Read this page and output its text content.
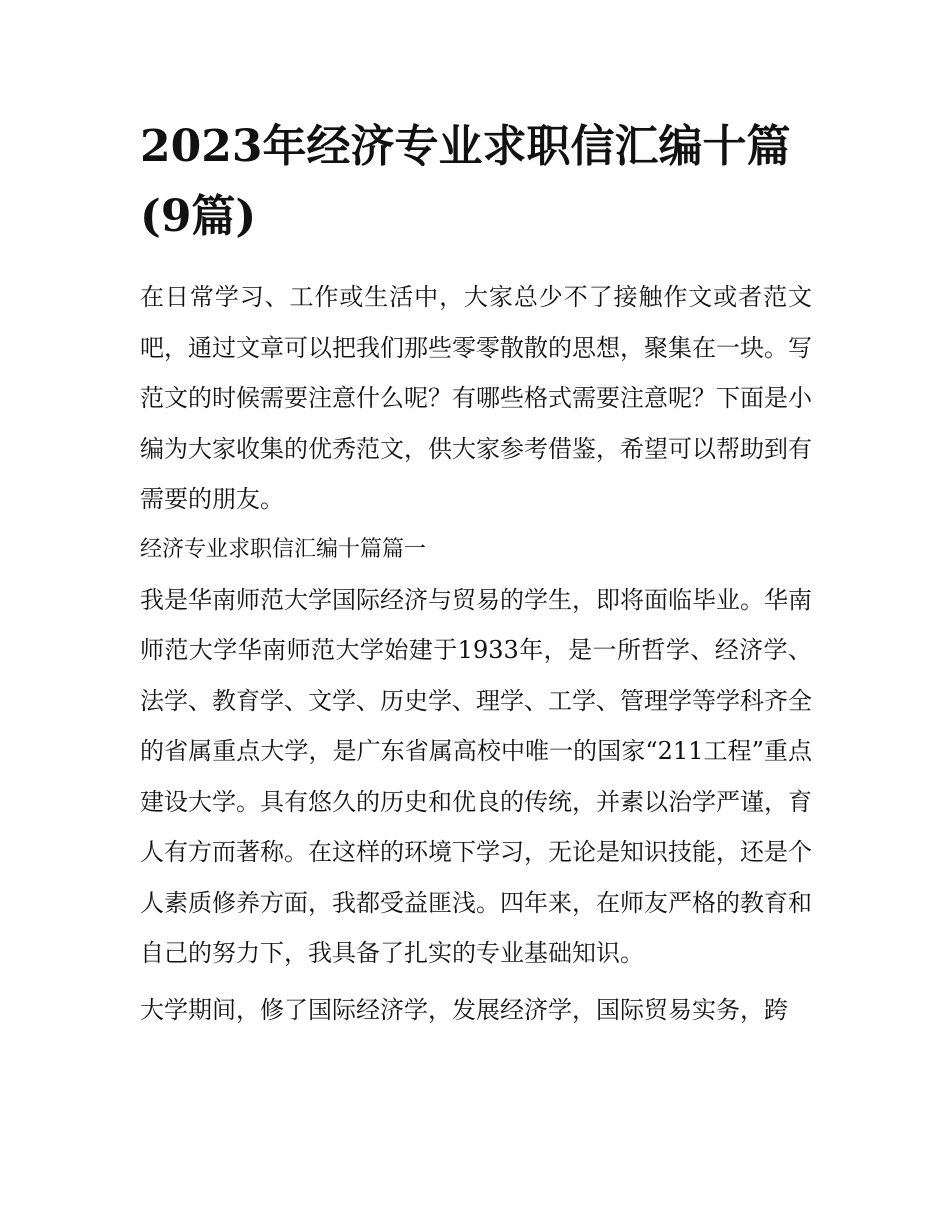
2023年经济专业求职信汇编十篇(9篇)

在日常学习、工作或生活中，大家总少不了接触作文或者范文吧，通过文章可以把我们那些零零散散的思想，聚集在一块。写范文的时候需要注意什么呢？有哪些格式需要注意呢？下面是小编为大家收集的优秀范文，供大家参考借鉴，希望可以帮助到有需要的朋友。

经济专业求职信汇编十篇篇一

我是华南师范大学国际经济与贸易的学生，即将面临毕业。华南师范大学华南师范大学始建于1933年，是一所哲学、经济学、法学、教育学、文学、历史学、理学、工学、管理学等学科齐全的省属重点大学，是广东省属高校中唯一的国家“211工程”重点建设大学。具有悠久的历史和优良的传统，并素以治学严谨，育人有方而著称。在这样的环境下学习，无论是知识技能，还是个人素质修养方面，我都受益匪浅。四年来，在师友严格的教育和自己的努力下，我具备了扎实的专业基础知识。

大学期间，修了国际经济学，发展经济学，国际贸易实务，跨
